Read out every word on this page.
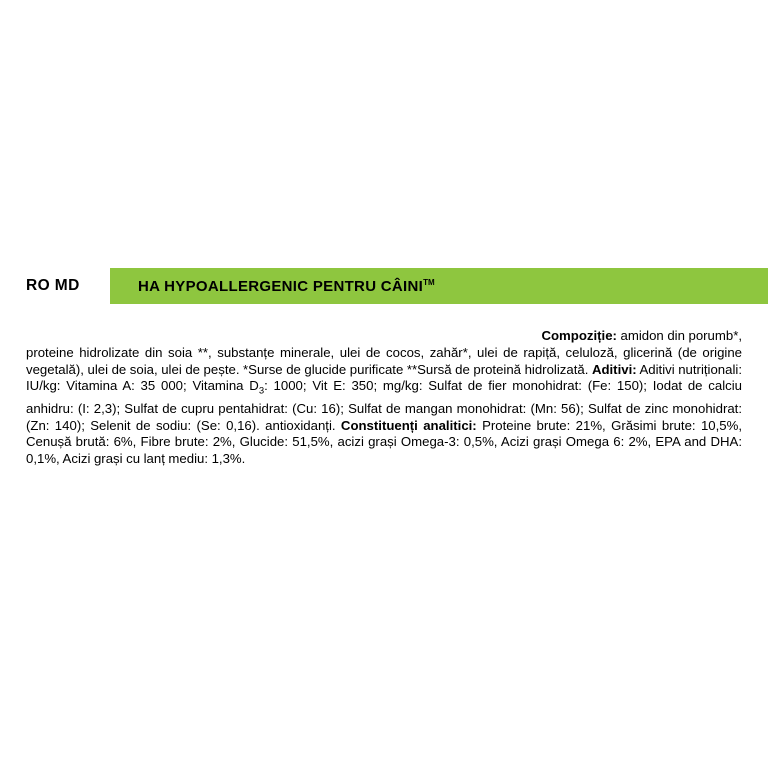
RO MD	HA HYPOALLERGENIC PENTRU CÂINI™
Compoziție: amidon din porumb*,
proteine hidrolizate din soia **, substanțe minerale, ulei de cocos, zahăr*, ulei de rapiță, celuloză, glicerină (de origine vegetală), ulei de soia, ulei de pește. *Surse de glucide purificate **Sursă de proteină hidrolizată. Aditivi: Aditivi nutriționali: IU/kg: Vitamina A: 35 000; Vitamina $D_3$: 1000; Vit E: 350; mg/kg: Sulfat de fier monohidrat: (Fe: 150); Iodat de calciu anhidru: (I: 2,3); Sulfat de cupru pentahidrat: (Cu: 16); Sulfat de mangan monohidrat: (Mn: 56); Sulfat de zinc monohidrat: (Zn: 140); Selenit de sodiu: (Se: 0,16). antioxidanți. Constituenți analitici: Proteine brute: 21%, Grăsimi brute: 10,5%, Cenușă brută: 6%, Fibre brute: 2%, Glucide: 51,5%, acizi grași Omega-3: 0,5%, Acizi grași Omega 6: 2%, EPA and DHA: 0,1%, Acizi grași cu lanț mediu: 1,3%.
